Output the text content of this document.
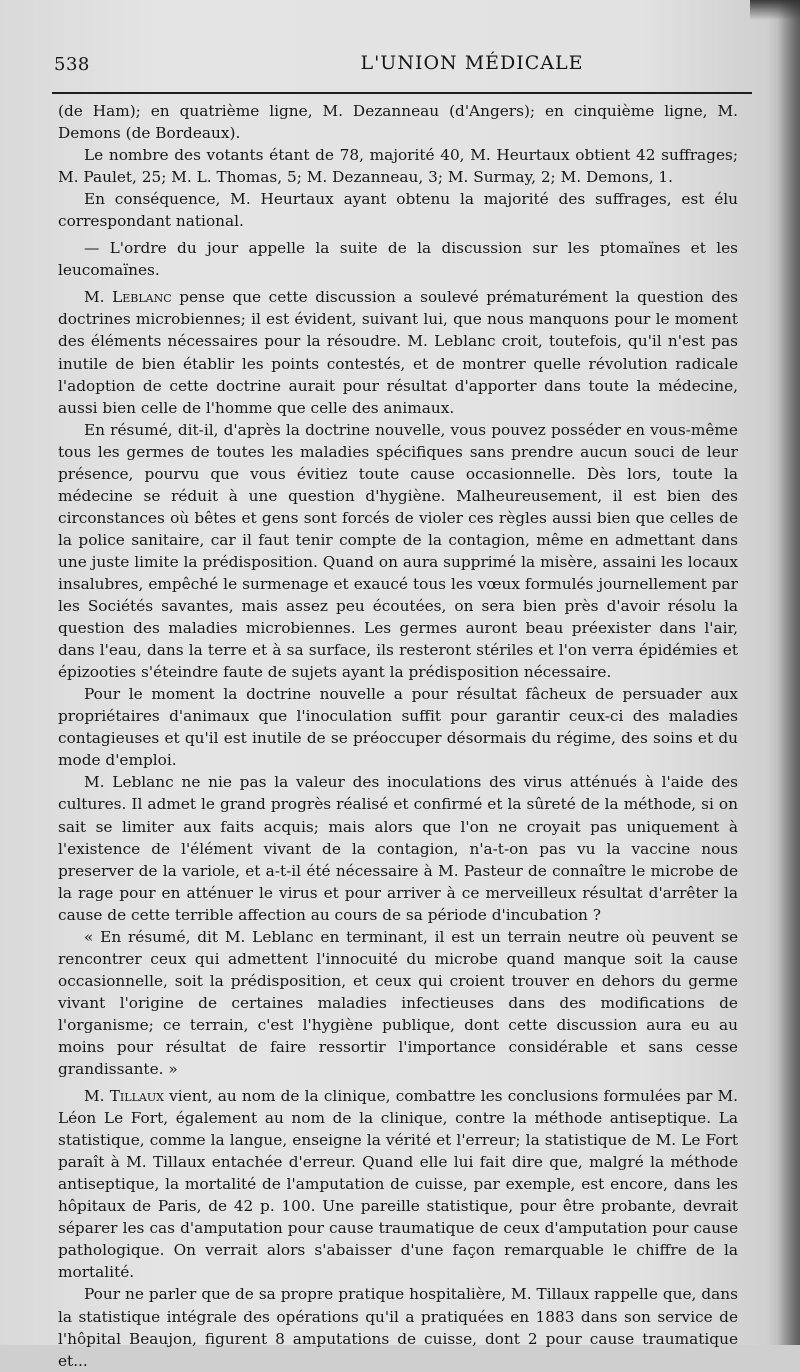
538	L'UNION MÉDICALE

(de Ham); en quatrième ligne, M. Dezanneau (d'Angers); en cinquième ligne, M. Demons (de Bordeaux).

Le nombre des votants étant de 78, majorité 40, M. Heurtaux obtient 42 suffrages; M. Paulet, 25; M. L. Thomas, 5; M. Dezanneau, 3; M. Surmay, 2; M. Demons, 1.

En conséquence, M. Heurtaux ayant obtenu la majorité des suffrages, est élu correspondant national.

— L'ordre du jour appelle la suite de la discussion sur les ptomaïnes et les leucomaïnes.

M. Leblanc pense que cette discussion a soulevé prématurément la question des doctrines microbiennes; il est évident, suivant lui, que nous manquons pour le moment des éléments nécessaires pour la résoudre. M. Leblanc croit, toutefois, qu'il n'est pas inutile de bien établir les points contestés, et de montrer quelle révolution radicale l'adoption de cette doctrine aurait pour résultat d'apporter dans toute la médecine, aussi bien celle de l'homme que celle des animaux.

En résumé, dit-il, d'après la doctrine nouvelle, vous pouvez posséder en vous-même tous les germes de toutes les maladies spécifiques sans prendre aucun souci de leur présence, pourvu que vous évitiez toute cause occasionnelle. Dès lors, toute la médecine se réduit à une question d'hygiène. Malheureusement, il est bien des circonstances où bêtes et gens sont forcés de violer ces règles aussi bien que celles de la police sanitaire, car il faut tenir compte de la contagion, même en admettant dans une juste limite la prédisposition. Quand on aura supprimé la misère, assaini les locaux insalubres, empêché le surmenage et exaucé tous les vœux formulés journellement par les Sociétés savantes, mais assez peu écoutées, on sera bien près d'avoir résolu la question des maladies microbiennes. Les germes auront beau préexister dans l'air, dans l'eau, dans la terre et à sa surface, ils resteront stériles et l'on verra épidémies et épizooties s'éteindre faute de sujets ayant la prédisposition nécessaire.

Pour le moment la doctrine nouvelle a pour résultat fâcheux de persuader aux propriétaires d'animaux que l'inoculation suffit pour garantir ceux-ci des maladies contagieuses et qu'il est inutile de se préoccuper désormais du régime, des soins et du mode d'emploi.

M. Leblanc ne nie pas la valeur des inoculations des virus atténués à l'aide des cultures. Il admet le grand progrès réalisé et confirmé et la sûreté de la méthode, si on sait se limiter aux faits acquis; mais alors que l'on ne croyait pas uniquement à l'existence de l'élément vivant de la contagion, n'a-t-on pas vu la vaccine nous preserver de la variole, et a-t-il été nécessaire à M. Pasteur de connaître le microbe de la rage pour en atténuer le virus et pour arriver à ce merveilleux résultat d'arrêter la cause de cette terrible affection au cours de sa période d'incubation ?

« En résumé, dit M. Leblanc en terminant, il est un terrain neutre où peuvent se rencontrer ceux qui admettent l'innocuité du microbe quand manque soit la cause occasionnelle, soit la prédisposition, et ceux qui croient trouver en dehors du germe vivant l'origine de certaines maladies infectieuses dans des modifications de l'organisme; ce terrain, c'est l'hygiène publique, dont cette discussion aura eu au moins pour résultat de faire ressortir l'importance considérable et sans cesse grandissante. »

M. Tillaux vient, au nom de la clinique, combattre les conclusions formulées par M. Léon Le Fort, également au nom de la clinique, contre la méthode antiseptique. La statistique, comme la langue, enseigne la vérité et l'erreur; la statistique de M. Le Fort paraît à M. Tillaux entachée d'erreur. Quand elle lui fait dire que, malgré la méthode antiseptique, la mortalité de l'amputation de cuisse, par exemple, est encore, dans les hôpitaux de Paris, de 42 p. 100. Une pareille statistique, pour être probante, devrait séparer les cas d'amputation pour cause traumatique de ceux d'amputation pour cause pathologique. On verrait alors s'abaisser d'une façon remarquable le chiffre de la mortalité.

Pour ne parler que de sa propre pratique hospitalière, M. Tillaux rappelle que, dans la statistique intégrale des opérations qu'il a pratiquées en 1883 dans son service de l'hôpital Beaujon, figurent 8 amputations de cuisse, dont 2 pour cause traumatique et...
